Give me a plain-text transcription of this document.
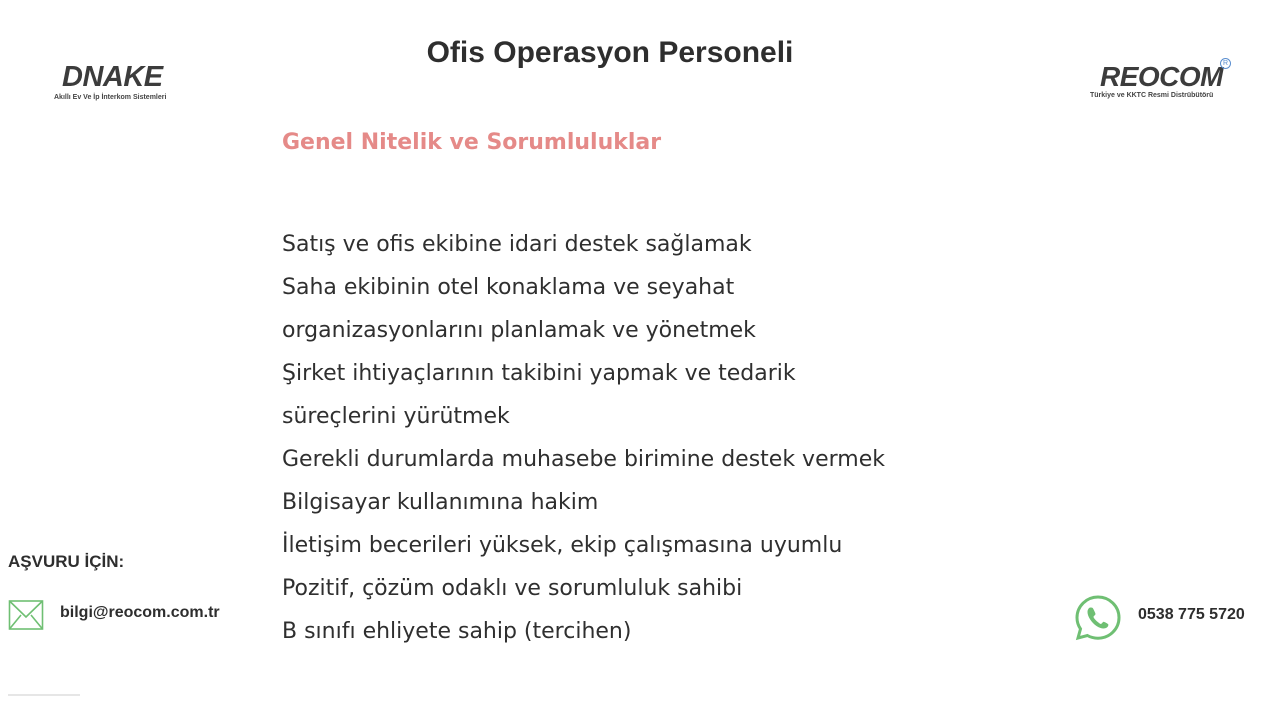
DNAKE
Akıllı Ev Ve İp İnterkom Sistemleri
Ofis Operasyon Personeli
REOCOM R
Türkiye ve KKTC Resmi Distrübütörü
Genel Nitelik ve Sorumluluklar
Satış ve ofis ekibine idari destek sağlamak
Saha ekibinin otel konaklama ve seyahat
organizasyonlarını planlamak ve yönetmek
Şirket ihtiyaçlarının takibini yapmak ve tedarik
süreçlerini yürütmek
Gerekli durumlarda muhasebe birimine destek vermek
Bilgisayar kullanımına hakim
İletişim becerileri yüksek, ekip çalışmasına uyumlu
Pozitif, çözüm odaklı ve sorumluluk sahibi
B sınıfı ehliyete sahip (tercihen)
AŞVURU İÇİN:
bilgi@reocom.com.tr	0538 775 5720
